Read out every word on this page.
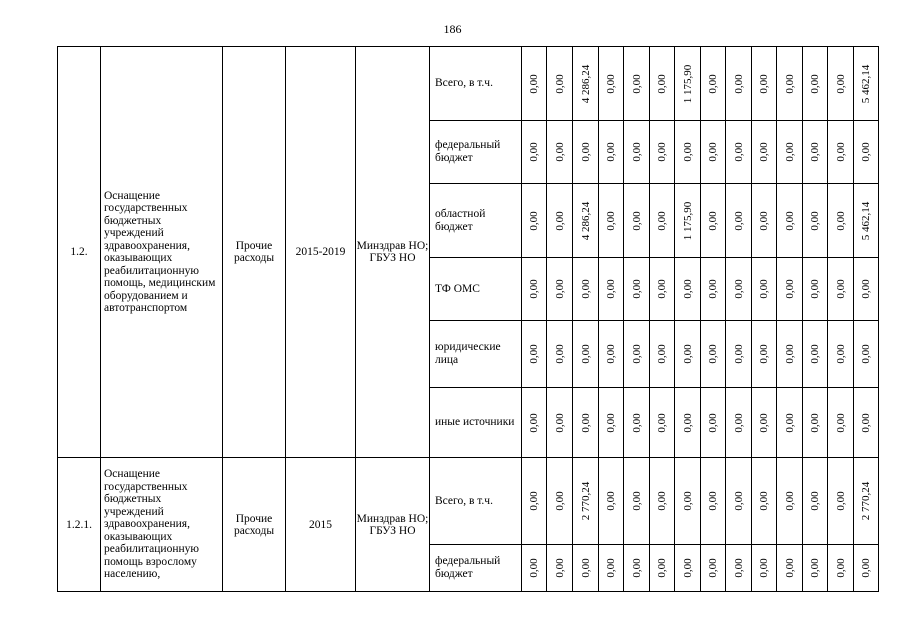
186
1.2.	Оснащение государственных бюджетных учреждений здравоохранения, оказывающих реабилитационную помощь, медицинским оборудованием и автотранспортом	Прочие расходы	2015-2019	Минздрав НО; ГБУЗ НО	Всего, в т.ч.	0,00	0,00	4 286,24	0,00	0,00	0,00	1 175,90	0,00	0,00	0,00	0,00	0,00	0,00	5 462,14

					федеральный бюджет	0,00	0,00	0,00	0,00	0,00	0,00	0,00	0,00	0,00	0,00	0,00	0,00	0,00	0,00

					областной бюджет	0,00	0,00	4 286,24	0,00	0,00	0,00	1 175,90	0,00	0,00	0,00	0,00	0,00	0,00	5 462,14

					ТФ ОМС	0,00	0,00	0,00	0,00	0,00	0,00	0,00	0,00	0,00	0,00	0,00	0,00	0,00	0,00

					юридические лица	0,00	0,00	0,00	0,00	0,00	0,00	0,00	0,00	0,00	0,00	0,00	0,00	0,00	0,00

					иные источники	0,00	0,00	0,00	0,00	0,00	0,00	0,00	0,00	0,00	0,00	0,00	0,00	0,00	0,00

1.2.1.	Оснащение государственных бюджетных учреждений здравоохранения, оказывающих реабилитационную помощь взрослому населению,	Прочие расходы	2015	Минздрав НО; ГБУЗ НО	Всего, в т.ч.	0,00	0,00	2 770,24	0,00	0,00	0,00	0,00	0,00	0,00	0,00	0,00	0,00	0,00	2 770,24

					федеральный бюджет	0,00	0,00	0,00	0,00	0,00	0,00	0,00	0,00	0,00	0,00	0,00	0,00	0,00	0,00
